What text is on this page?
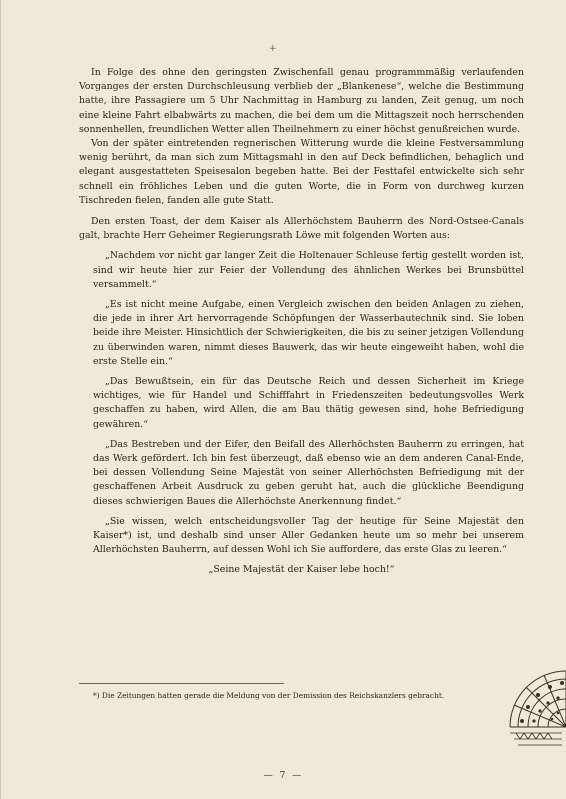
+

In Folge des ohne den geringsten Zwischenfall genau programmmäßig verlaufenden Vorganges der ersten Durchschleusung verblieb der „Blankenese“, welche die Bestimmung hatte, ihre Passagiere um 5 Uhr Nachmittag in Hamburg zu landen, Zeit genug, um noch eine kleine Fahrt elbabwärts zu machen, die bei dem um die Mittagszeit noch herrschenden sonnenhellen, freundlichen Wetter allen Theilnehmern zu einer höchst genußreichen wurde.

Von der später eintretenden regnerischen Witterung wurde die kleine Festversammlung wenig berührt, da man sich zum Mittagsmahl in den auf Deck befindlichen, behaglich und elegant ausgestatteten Speisesalon begeben hatte. Bei der Festtafel entwickelte sich sehr schnell ein fröhliches Leben und die guten Worte, die in Form von durchweg kurzen Tischreden fielen, fanden alle gute Statt.

Den ersten Toast, der dem Kaiser als Allerhöchstem Bauherrn des Nord-Ostsee-Canals galt, brachte Herr Geheimer Regierungsrath Löwe mit folgenden Worten aus:

„Nachdem vor nicht gar langer Zeit die Holtenauer Schleuse fertig gestellt worden ist, sind wir heute hier zur Feier der Vollendung des ähnlichen Werkes bei Brunsbüttel versammelt.“

„Es ist nicht meine Aufgabe, einen Vergleich zwischen den beiden Anlagen zu ziehen, die jede in ihrer Art hervorragende Schöpfungen der Wasserbautechnik sind. Sie loben beide ihre Meister. Hinsichtlich der Schwierigkeiten, die bis zu seiner jetzigen Vollendung zu überwinden waren, nimmt dieses Bauwerk, das wir heute eingeweiht haben, wohl die erste Stelle ein.“

„Das Bewußtsein, ein für das Deutsche Reich und dessen Sicherheit im Kriege wichtiges, wie für Handel und Schifffahrt in Friedenszeiten bedeutungsvolles Werk geschaffen zu haben, wird Allen, die am Bau thätig gewesen sind, hohe Befriedigung gewähren.“

„Das Bestreben und der Eifer, den Beifall des Allerhöchsten Bauherrn zu erringen, hat das Werk gefördert. Ich bin fest überzeugt, daß ebenso wie an dem anderen Canal-Ende, bei dessen Vollendung Seine Majestät von seiner Allerhöchsten Befriedigung mit der geschaffenen Arbeit Ausdruck zu geben geruht hat, auch die glückliche Beendigung dieses schwierigen Baues die Allerhöchste Anerkennung findet.“

„Sie wissen, welch entscheidungsvoller Tag der heutige für Seine Majestät den Kaiser*) ist, und deshalb sind unser Aller Gedanken heute um so mehr bei unserem Allerhöchsten Bauherrn, auf dessen Wohl ich Sie auffordere, das erste Glas zu leeren.“

„Seine Majestät der Kaiser lebe hoch!“

*) Die Zeitungen hatten gerade die Meldung von der Demission des Reichskanzlers gebracht.
— 7 —
